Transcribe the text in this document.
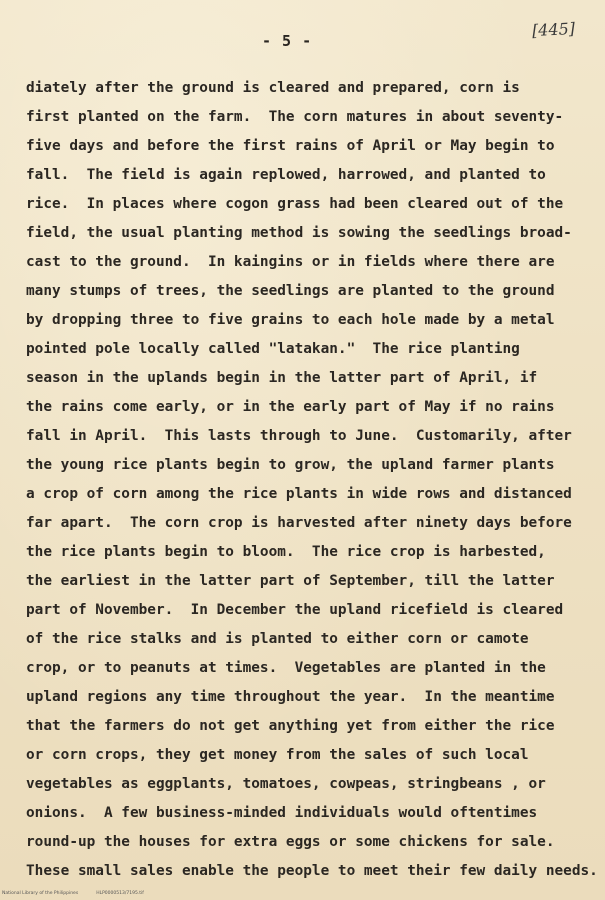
- 5 -
[445]
diately after the ground is cleared and prepared, corn is
first planted on the farm.  The corn matures in about seventy-
five days and before the first rains of April or May begin to
fall.  The field is again replowed, harrowed, and planted to
rice.  In places where cogon grass had been cleared out of the
field, the usual planting method is sowing the seedlings broad-
cast to the ground.  In kaingins or in fields where there are
many stumps of trees, the seedlings are planted to the ground
by dropping three to five grains to each hole made by a metal
pointed pole locally called "latakan."  The rice planting
season in the uplands begin in the latter part of April, if
the rains come early, or in the early part of May if no rains
fall in April.  This lasts through to June.  Customarily, after
the young rice plants begin to grow, the upland farmer plants
a crop of corn among the rice plants in wide rows and distanced
far apart.  The corn crop is harvested after ninety days before
the rice plants begin to bloom.  The rice crop is harbested,
the earliest in the latter part of September, till the latter
part of November.  In December the upland ricefield is cleared
of the rice stalks and is planted to either corn or camote
crop, or to peanuts at times.  Vegetables are planted in the
upland regions any time throughout the year.  In the meantime
that the farmers do not get anything yet from either the rice
or corn crops, they get money from the sales of such local
vegetables as eggplants, tomatoes, cowpeas, stringbeans , or
onions.  A few business-minded individuals would oftentimes
round-up the houses for extra eggs or some chickens for sale.
These small sales enable the people to meet their few daily needs.
National Library of the Philippines	HLP0000513/7195.tif
